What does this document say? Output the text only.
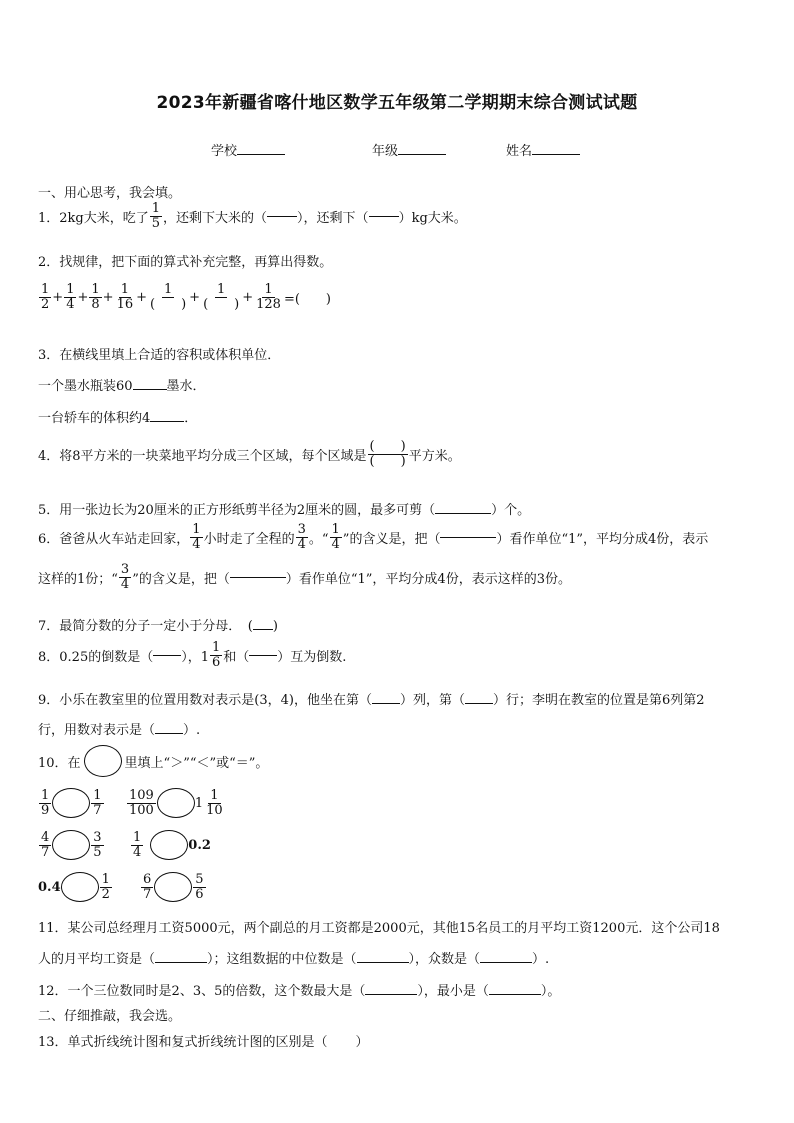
2023年新疆省喀什地区数学五年级第二学期期末综合测试试题
学校	年级	姓名
一、用心思考，我会填。
1．2kg大米，吃了 $\frac{1}{5}$ ，还剩下大米的（ ），还剩下（ ）kg大米。
2．找规律，把下面的算式补充完整，再算出得数。
$\frac{1}{2} + \frac{1}{4} + \frac{1}{8} + \frac{1}{16} + \frac{1}{( )} + \frac{1}{( )} + \frac{1}{128}$ =(　　)
3．在横线里填上合适的容积或体积单位．
一个墨水瓶装60	墨水．
一台轿车的体积约4	．
4．将8平方米的一块菜地平均分成三个区域，每个区域是 $\frac{( )}{( )}$ 平方米。
5．用一张边长为20厘米的正方形纸剪半径为2厘米的圆，最多可剪（	）个。
6．爸爸从火车站走回家， $\frac{1}{4}$ 小时走了全程的 $\frac{3}{4}$ 。“ $\frac{1}{4}$ ”的含义是，把（	）看作单位“1”，平均分成4份，表示
这样的1份；“ $\frac{3}{4}$ ”的含义是，把（	）看作单位“1”，平均分成4份，表示这样的3份。
7．最简分数的分子一定小于分母．　( )
8．0.25的倒数是（ ），$1 \frac{1}{6}$ 和（ ）互为倒数.
9．小乐在教室里的位置用数对表示是(3，4)，他坐在第（ ）列，第（ ）行；李明在教室的位置是第6列第2
行，用数对表示是（ ）.
10．在	里填上“＞”“＜”或“＝”。
$\frac{1}{9}$	$\frac{1}{7} \frac{109}{100}$	$1 \frac{1}{10}$
$\frac{4}{7}$	$\frac{3}{5} \frac{1}{4}$	0.2
0.4	$\frac{1}{2} \frac{6}{7}$	$\frac{5}{6}$
11．某公司总经理月工资5000元，两个副总的月工资都是2000元，其他15名员工的月平均工资1200元．这个公司18
人的月平均工资是（	）；这组数据的中位数是（	），众数是（	）.
12．一个三位数同时是2、3、5的倍数，这个数最大是（	），最小是（	）。
二、仔细推敲，我会选。
13．单式折线统计图和复式折线统计图的区别是（ ）
